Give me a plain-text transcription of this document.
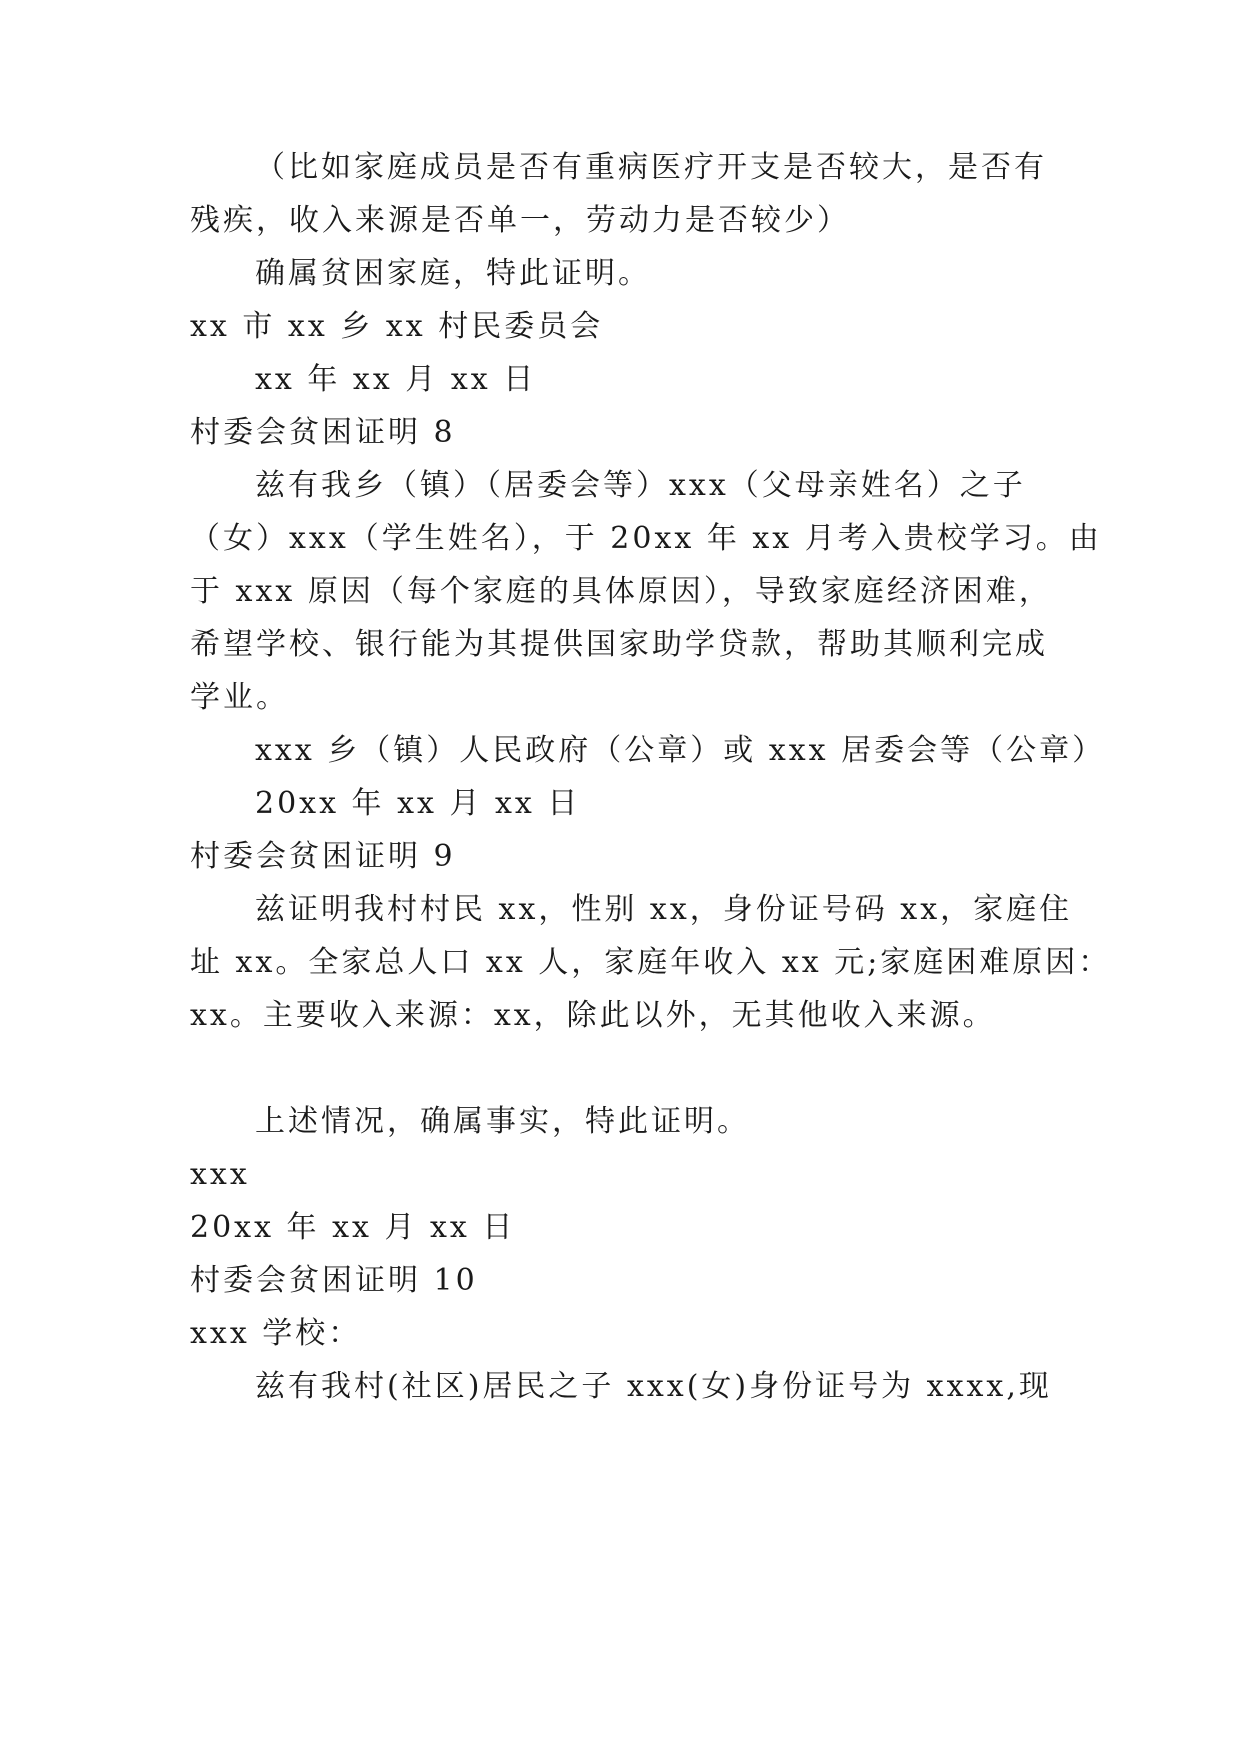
（比如家庭成员是否有重病医疗开支是否较大，是否有
残疾，收入来源是否单一，劳动力是否较少）
确属贫困家庭，特此证明。
xx 市 xx 乡 xx 村民委员会
xx 年 xx 月 xx 日
村委会贫困证明 8
兹有我乡（镇）（居委会等）xxx（父母亲姓名）之子
（女）xxx（学生姓名），于 20xx 年 xx 月考入贵校学习。由
于 xxx 原因（每个家庭的具体原因），导致家庭经济困难，
希望学校、银行能为其提供国家助学贷款，帮助其顺利完成
学业。
xxx 乡（镇）人民政府（公章）或 xxx 居委会等（公章）
20xx 年 xx 月 xx 日
村委会贫困证明 9
兹证明我村村民 xx，性别 xx，身份证号码 xx，家庭住
址 xx。全家总人口 xx 人，家庭年收入 xx 元;家庭困难原因：
xx。主要收入来源：xx，除此以外，无其他收入来源。
上述情况，确属事实，特此证明。
xxx
20xx 年 xx 月 xx 日
村委会贫困证明 10
xxx 学校：
兹有我村(社区)居民之子 xxx(女)身份证号为 xxxx,现
